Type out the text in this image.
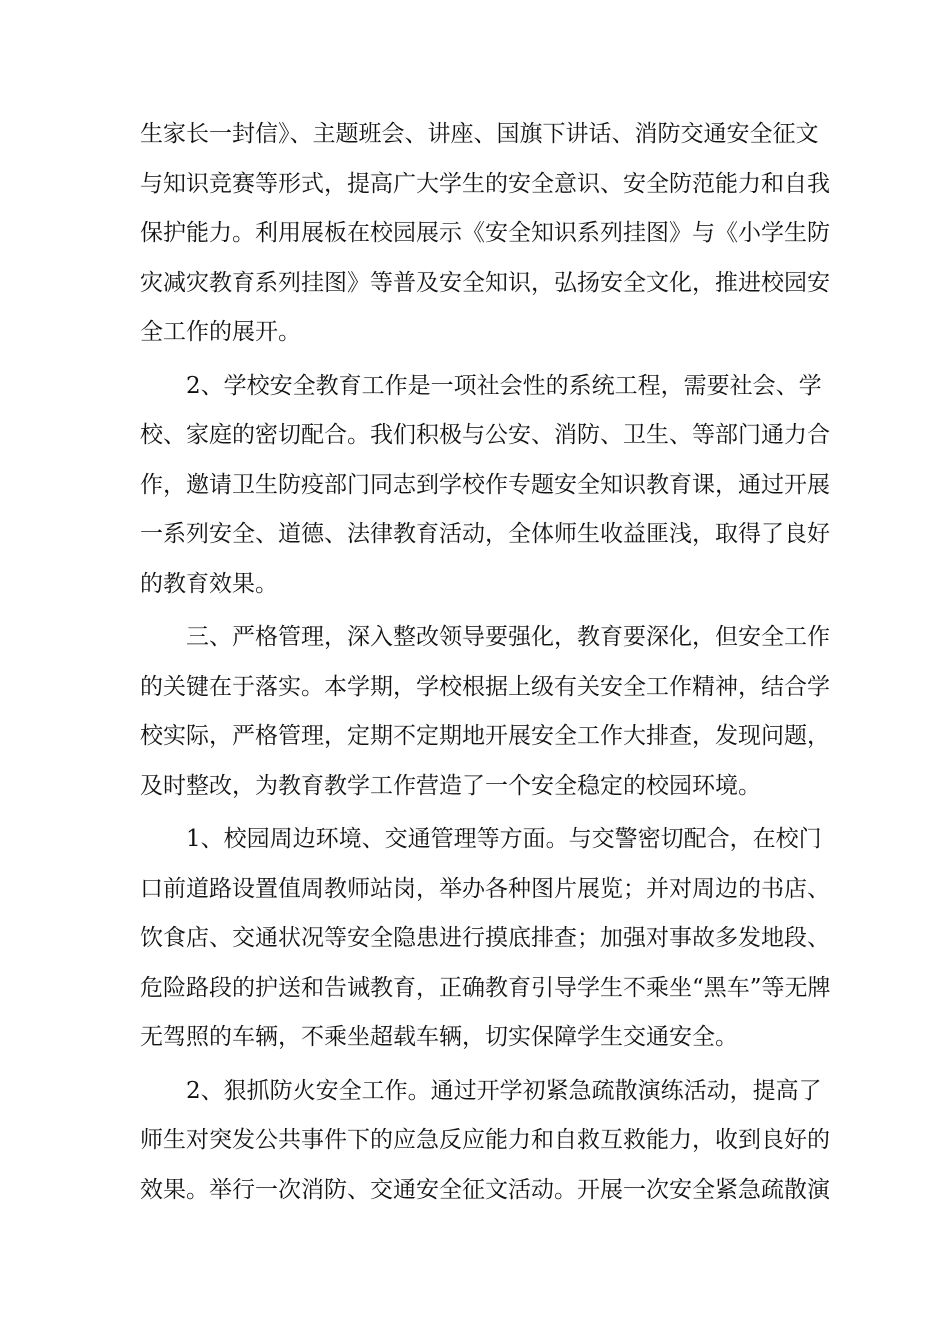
生家长一封信》、主题班会、讲座、国旗下讲话、消防交通安全征文
与知识竞赛等形式，提高广大学生的安全意识、安全防范能力和自我
保护能力。利用展板在校园展示《安全知识系列挂图》与《小学生防
灾减灾教育系列挂图》等普及安全知识，弘扬安全文化，推进校园安
全工作的展开。
2、学校安全教育工作是一项社会性的系统工程，需要社会、学
校、家庭的密切配合。我们积极与公安、消防、卫生、等部门通力合
作，邀请卫生防疫部门同志到学校作专题安全知识教育课，通过开展
一系列安全、道德、法律教育活动，全体师生收益匪浅，取得了良好
的教育效果。
三、严格管理，深入整改领导要强化，教育要深化，但安全工作
的关键在于落实。本学期，学校根据上级有关安全工作精神，结合学
校实际，严格管理，定期不定期地开展安全工作大排查，发现问题，
及时整改，为教育教学工作营造了一个安全稳定的校园环境。
1、校园周边环境、交通管理等方面。与交警密切配合，在校门
口前道路设置值周教师站岗，举办各种图片展览；并对周边的书店、
饮食店、交通状况等安全隐患进行摸底排查；加强对事故多发地段、
危险路段的护送和告诫教育，正确教育引导学生不乘坐“黑车”等无牌
无驾照的车辆，不乘坐超载车辆，切实保障学生交通安全。
2、狠抓防火安全工作。通过开学初紧急疏散演练活动，提高了
师生对突发公共事件下的应急反应能力和自救互救能力，收到良好的
效果。举行一次消防、交通安全征文活动。开展一次安全紧急疏散演
